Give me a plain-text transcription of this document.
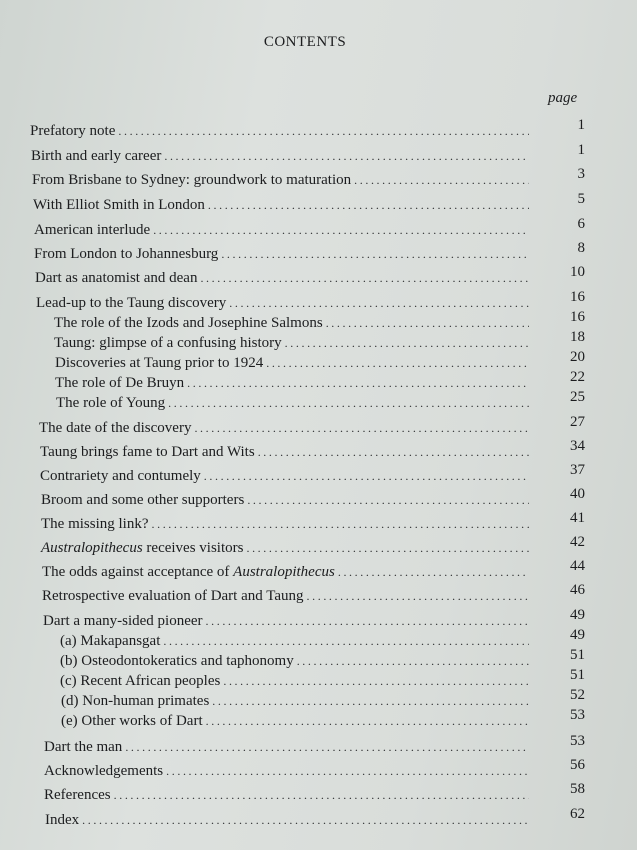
CONTENTS
page
Prefatory note . . .	1
Birth and early career . . .	1
From Brisbane to Sydney: groundwork to maturation . . .	3
With Elliot Smith in London . . .	5
American interlude . . .	6
From London to Johannesburg . . .	8
Dart as anatomist and dean . . .	10
Lead-up to the Taung discovery . . .	16
The role of the Izods and Josephine Salmons . . .	16
Taung: glimpse of a confusing history . . .	18
Discoveries at Taung prior to 1924 . . .	20
The role of De Bruyn . . .	22
The role of Young . . .	25
The date of the discovery . . .	27
Taung brings fame to Dart and Wits . . .	34
Contrariety and contumely . . .	37
Broom and some other supporters . . .	40
The missing link? . . .	41
Australopithecus receives visitors . . .	42
The odds against acceptance of Australopithecus . . .	44
Retrospective evaluation of Dart and Taung . . .	46
Dart a many-sided pioneer . . .	49
(a) Makapansgat . . .	49
(b) Osteodontokeratics and taphonomy . . .	51
(c) Recent African peoples . . .	51
(d) Non-human primates . . .	52
(e) Other works of Dart . . .	53
Dart the man . . .	53
Acknowledgements . . .	56
References . . .	58
Index . . .	62
